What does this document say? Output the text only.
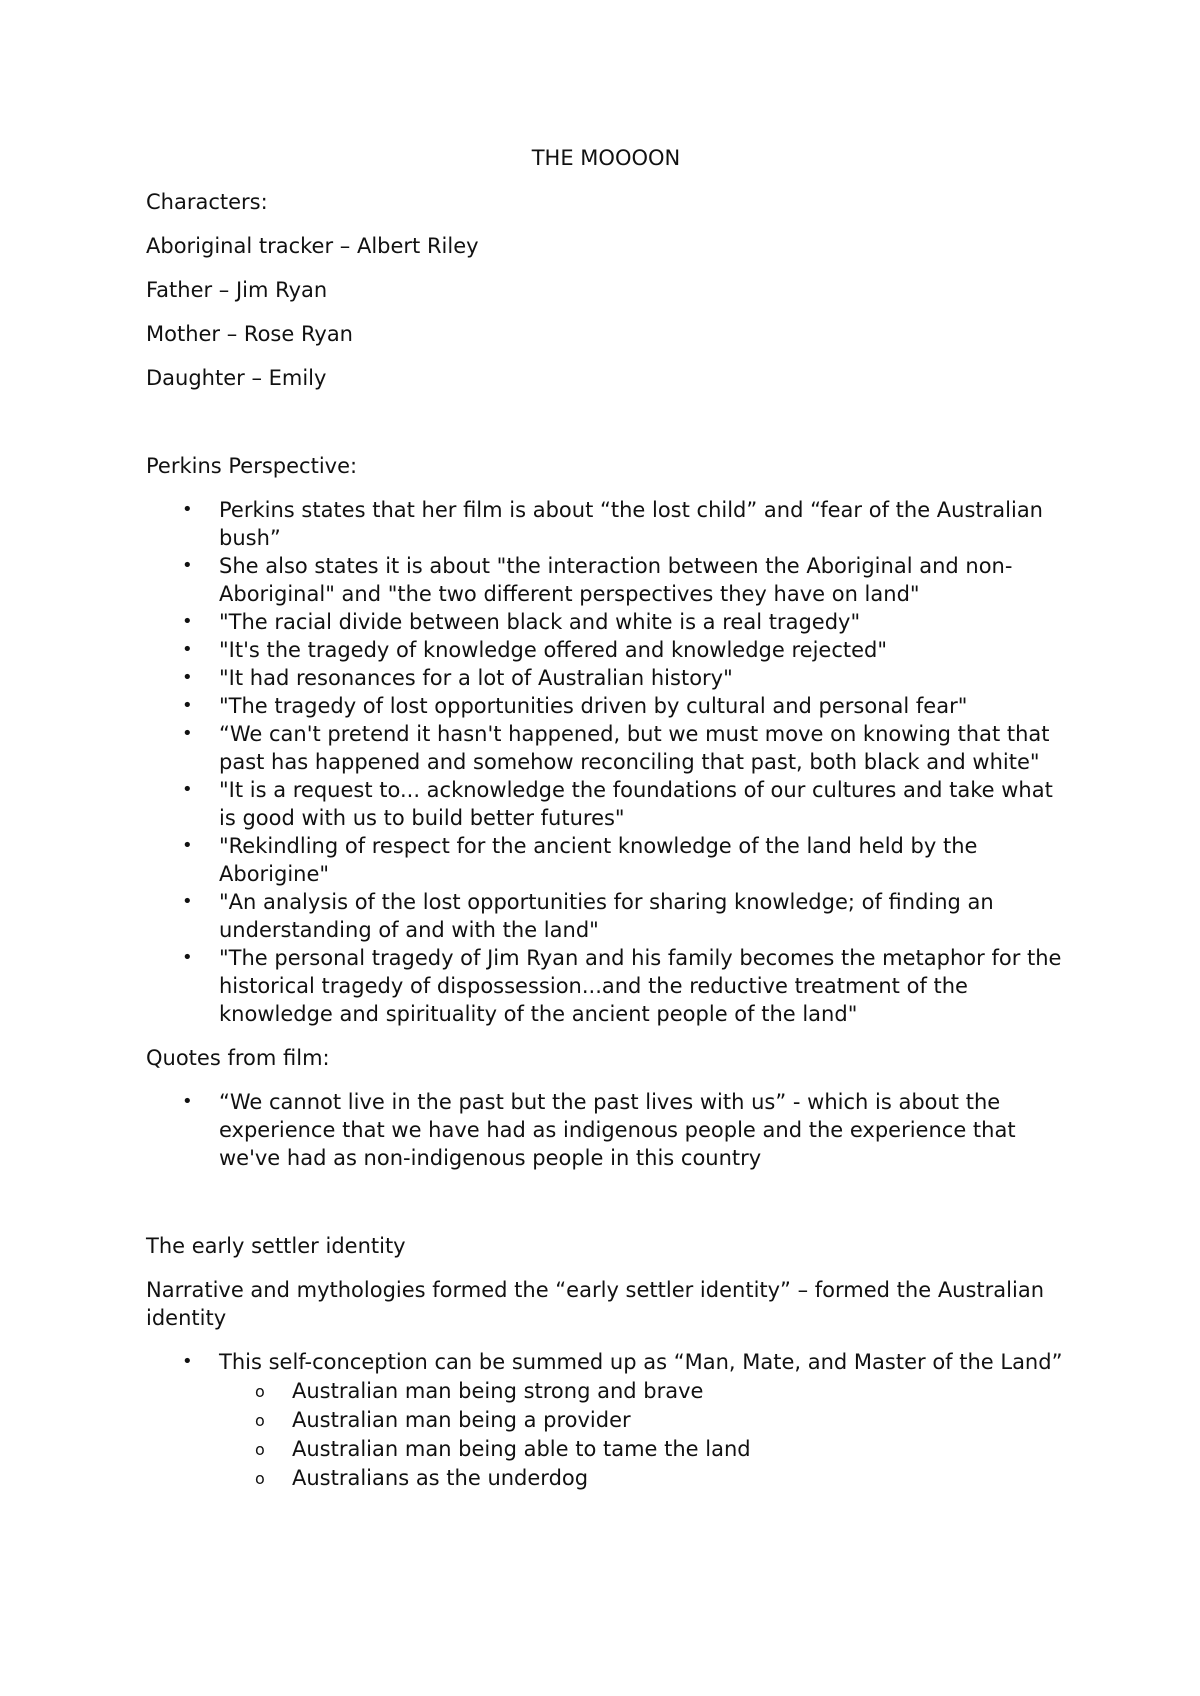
THE MOOOON
Characters:
Aboriginal tracker – Albert Riley
Father – Jim Ryan
Mother – Rose Ryan
Daughter – Emily
Perkins Perspective:
• Perkins states that her film is about “the lost child” and “fear of the Australian bush”
• She also states it is about "the interaction between the Aboriginal and non-Aboriginal" and "the two different perspectives they have on land"
• "The racial divide between black and white is a real tragedy"
• "It's the tragedy of knowledge offered and knowledge rejected"
• "It had resonances for a lot of Australian history"
• "The tragedy of lost opportunities driven by cultural and personal fear"
• “We can't pretend it hasn't happened, but we must move on knowing that that past has happened and somehow reconciling that past, both black and white"
• "It is a request to... acknowledge the foundations of our cultures and take what is good with us to build better futures"
• "Rekindling of respect for the ancient knowledge of the land held by the Aborigine"
• "An analysis of the lost opportunities for sharing knowledge; of finding an understanding of and with the land"
• "The personal tragedy of Jim Ryan and his family becomes the metaphor for the historical tragedy of dispossession...and the reductive treatment of the knowledge and spirituality of the ancient people of the land"
Quotes from film:
• “We cannot live in the past but the past lives with us” - which is about the experience that we have had as indigenous people and the experience that we've had as non-indigenous people in this country
The early settler identity
Narrative and mythologies formed the “early settler identity” – formed the Australian identity
• This self-conception can be summed up as “Man, Mate, and Master of the Land”
o Australian man being strong and brave
o Australian man being a provider
o Australian man being able to tame the land
o Australians as the underdog
